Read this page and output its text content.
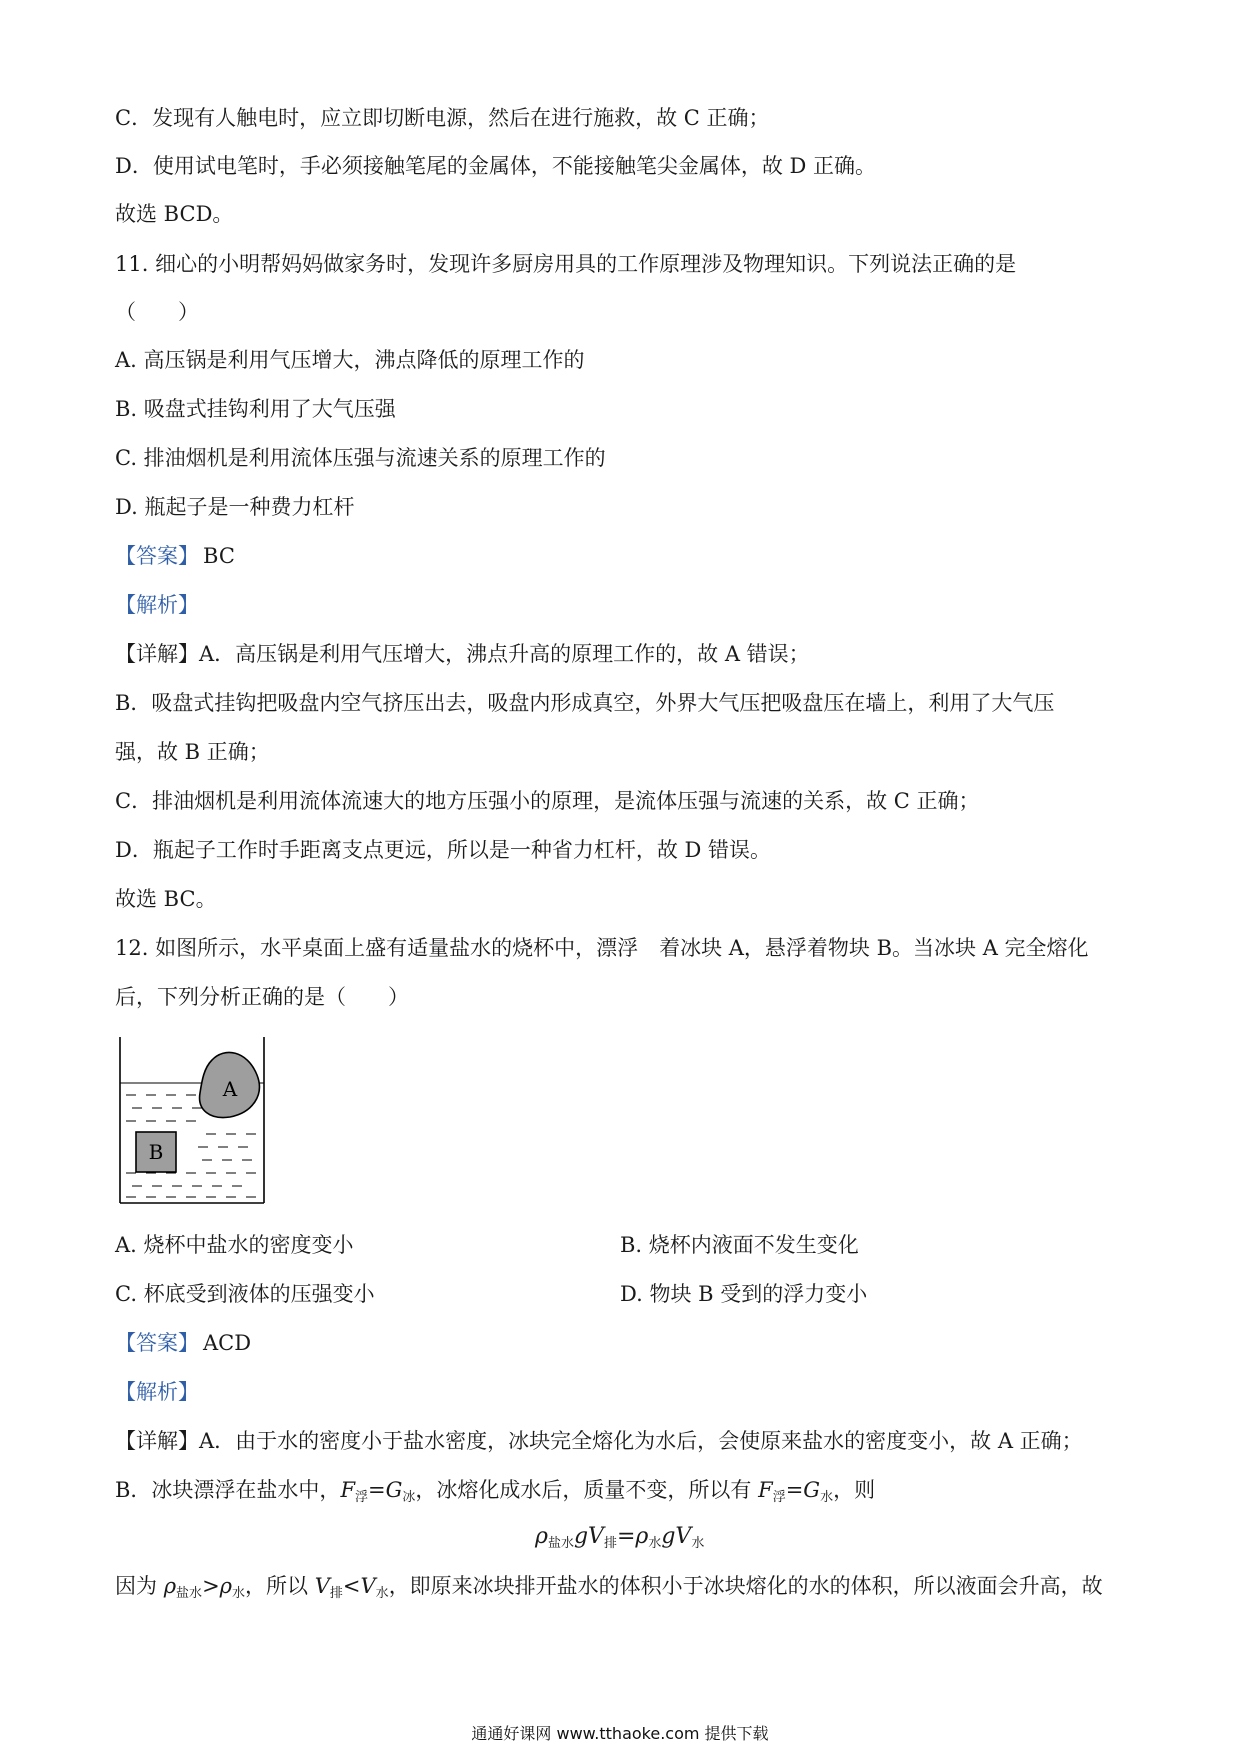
C．发现有人触电时，应立即切断电源，然后在进行施救，故 C 正确；
D．使用试电笔时，手必须接触笔尾的金属体，不能接触笔尖金属体，故 D 正确。
故选 BCD。
11. 细心的小明帮妈妈做家务时，发现许多厨房用具的工作原理涉及物理知识。下列说法正确的是
（　　）
A. 高压锅是利用气压增大，沸点降低的原理工作的
B. 吸盘式挂钩利用了大气压强
C. 排油烟机是利用流体压强与流速关系的原理工作的
D. 瓶起子是一种费力杠杆
【答案】 BC
【解析】
【详解】A．高压锅是利用气压增大，沸点升高的原理工作的，故 A 错误；
B．吸盘式挂钩把吸盘内空气挤压出去，吸盘内形成真空，外界大气压把吸盘压在墙上，利用了大气压
强，故 B 正确；
C．排油烟机是利用流体流速大的地方压强小的原理，是流体压强与流速的关系，故 C 正确；
D．瓶起子工作时手距离支点更远，所以是一种省力杠杆，故 D 错误。
故选 BC。
12. 如图所示，水平桌面上盛有适量盐水的烧杯中，漂浮　着冰块 A，悬浮着物块 B。当冰块 A 完全熔化
后，下列分析正确的是（　　）
A
B
A. 烧杯中盐水的密度变小	B. 烧杯内液面不发生变化
C. 杯底受到液体的压强变小	D. 物块 B 受到的浮力变小
【答案】 ACD
【解析】
【详解】A．由于水的密度小于盐水密度，冰块完全熔化为水后，会使原来盐水的密度变小，故 A 正确；
B．冰块漂浮在盐水中，$F_浮=G_冰$，冰熔化成水后，质量不变，所以有 $F_浮=G_水$，则
$\rho_{盐水}gV_排=\rho_水gV_水$
因为 $\rho_{盐水}>\rho_水$，所以 $V_排<V_水$，即原来冰块排开盐水的体积小于冰块熔化的水的体积，所以液面会升高，故
通通好课网 www.tthaoke.com 提供下载
